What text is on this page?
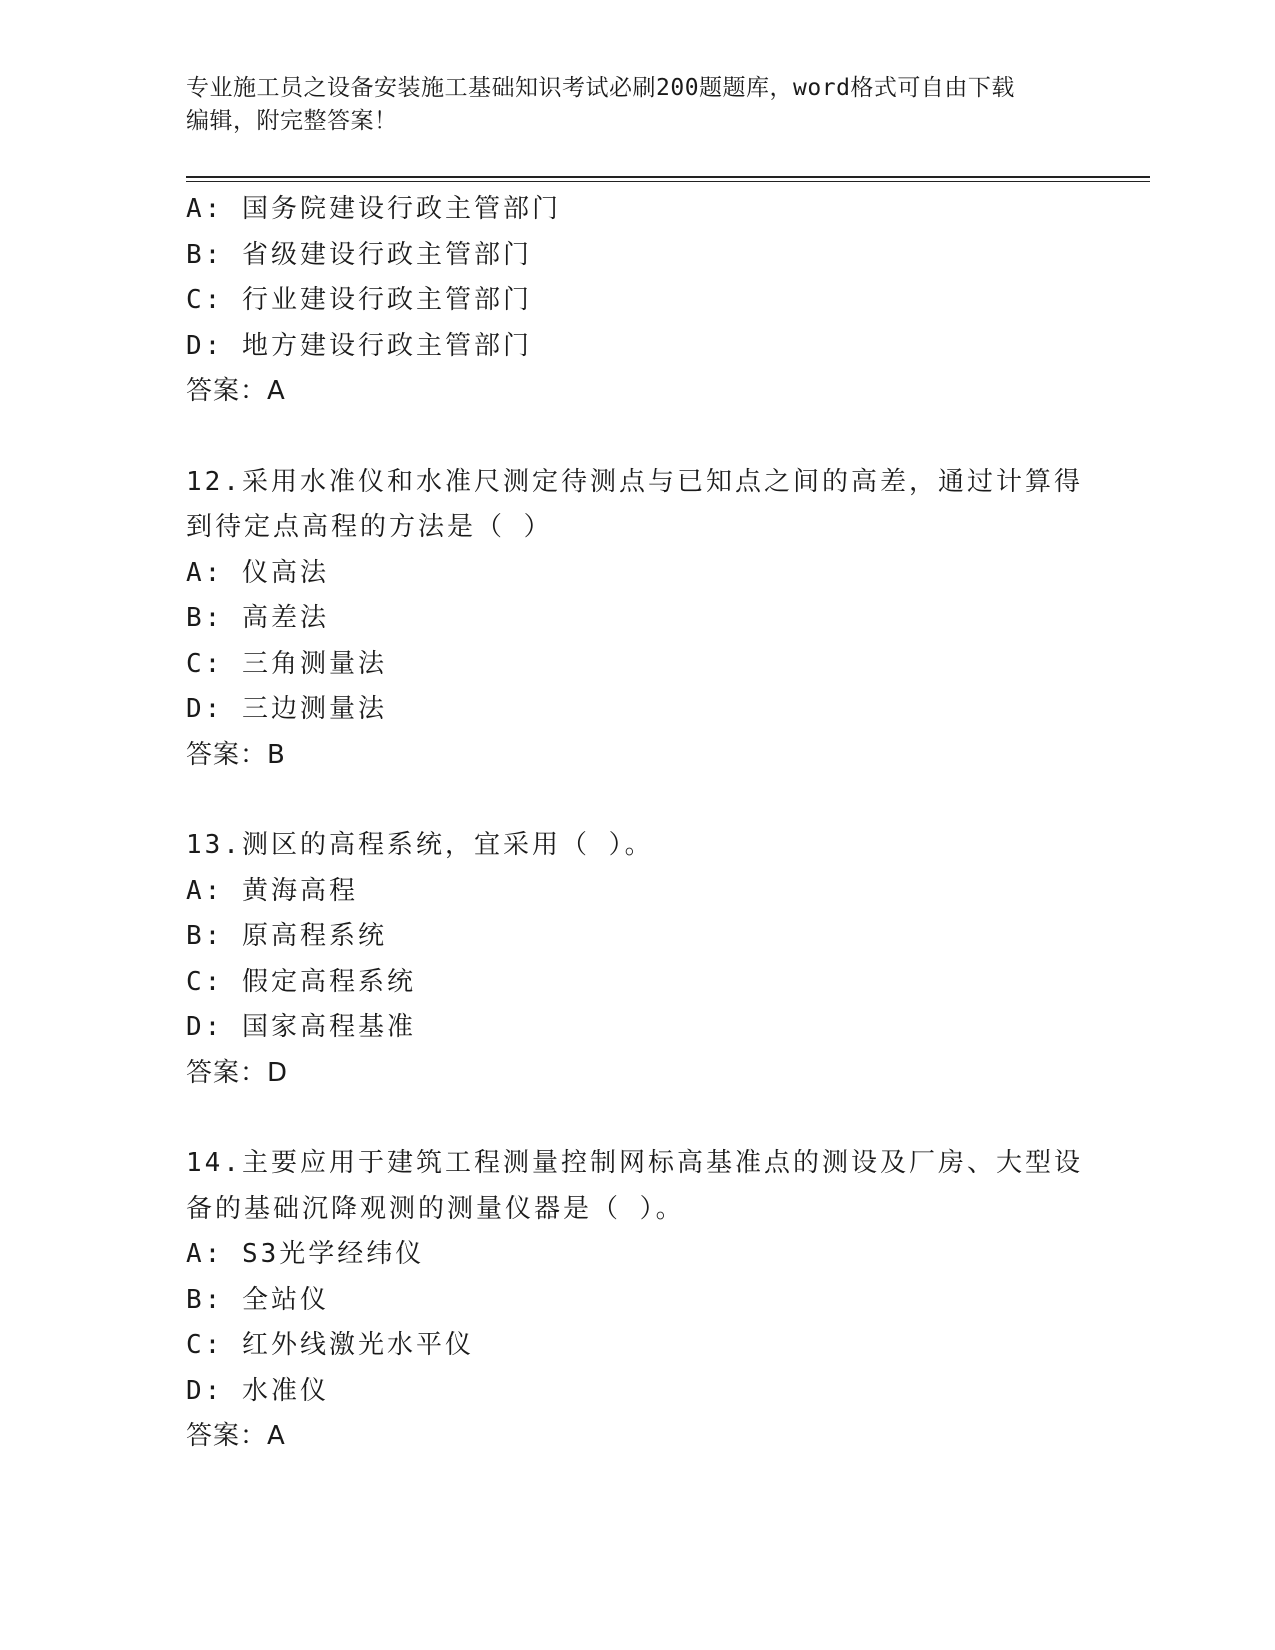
专业施工员之设备安装施工基础知识考试必刷200题题库，word格式可自由下载
编辑，附完整答案！
A: 国务院建设行政主管部门
B: 省级建设行政主管部门
C: 行业建设行政主管部门
D: 地方建设行政主管部门
答案：A
12.采用水准仪和水准尺测定待测点与已知点之间的高差，通过计算得
到待定点高程的方法是（ ）
A: 仪高法
B: 高差法
C: 三角测量法
D: 三边测量法
答案：B
13.测区的高程系统，宜采用（ ）。
A: 黄海高程
B: 原高程系统
C: 假定高程系统
D: 国家高程基准
答案：D
14.主要应用于建筑工程测量控制网标高基准点的测设及厂房、大型设
备的基础沉降观测的测量仪器是（ ）。
A: S3光学经纬仪
B: 全站仪
C: 红外线激光水平仪
D: 水准仪
答案：A
